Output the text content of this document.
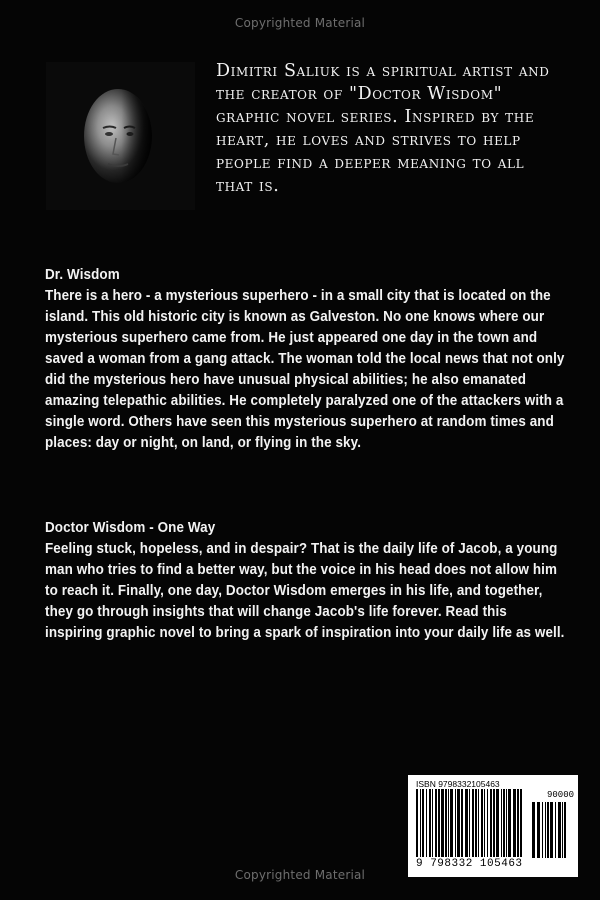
Copyrighted Material
Dimitri Saliuk is a spiritual artist and the creator of "Doctor Wisdom" graphic novel series. Inspired by the heart, he loves and strives to help people find a deeper meaning to all that is.

Dr. Wisdom

There is a hero - a mysterious superhero - in a small city that is located on the island. This old historic city is known as Galveston. No one knows where our mysterious superhero came from. He just appeared one day in the town and saved a woman from a gang attack. The woman told the local news that not only did the mysterious hero have unusual physical abilities; he also emanated amazing telepathic abilities. He completely paralyzed one of the attackers with a single word. Others have seen this mysterious superhero at random times and places: day or night, on land, or flying in the sky.

Doctor Wisdom - One Way

Feeling stuck, hopeless, and in despair? That is the daily life of Jacob, a young man who tries to find a better way, but the voice in his head does not allow him to reach it. Finally, one day, Doctor Wisdom emerges in his life, and together, they go through insights that will change Jacob's life forever. Read this inspiring graphic novel to bring a spark of inspiration into your daily life as well.

ISBN 9798332105463
90000
9 798332 105463
Copyrighted Material
